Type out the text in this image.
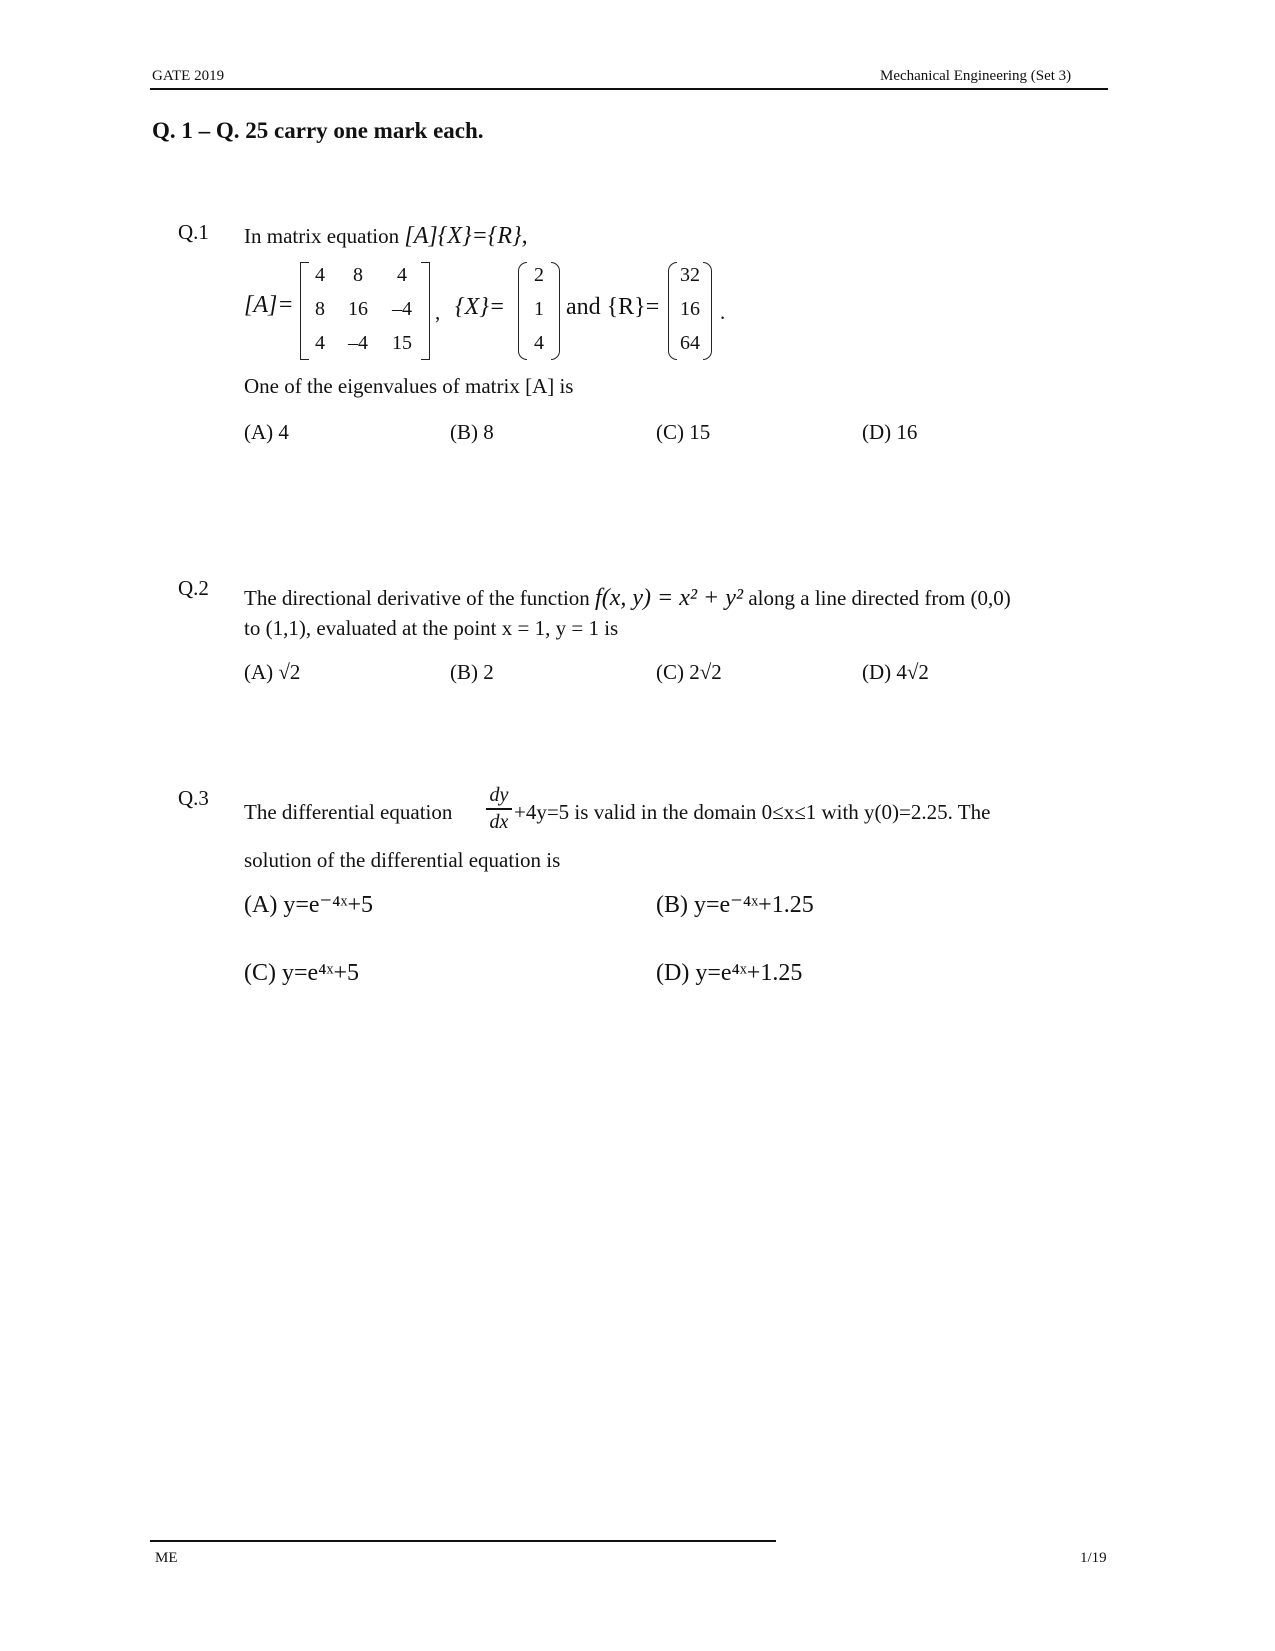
GATE 2019	Mechanical Engineering (Set 3)
Q. 1 – Q. 25 carry one mark each.
Q.1 In matrix equation [A]{X}={R},
[A]=
4	8	4
8	16	–4
4	–4	15
, {X}=
2
1
4
and {R}=
32
16
64
.
One of the eigenvalues of matrix [A] is
(A) 4	(B) 8	(C) 15	(D) 16
Q.2 The directional derivative of the function f(x, y) = x² + y² along a line directed from (0,0)
to (1,1), evaluated at the point x = 1, y = 1 is
(A) √2	(B) 2	(C) 2√2	(D) 4√2
Q.3
The differential equation
dy
dx +4y=5 is valid in the domain 0≤x≤1 with y(0)=2.25. The
solution of the differential equation is
(A) y=e⁻⁴ˣ+5	(B) y=e⁻⁴ˣ+1.25
(C) y=e⁴ˣ+5	(D) y=e⁴ˣ+1.25
ME	1/19
